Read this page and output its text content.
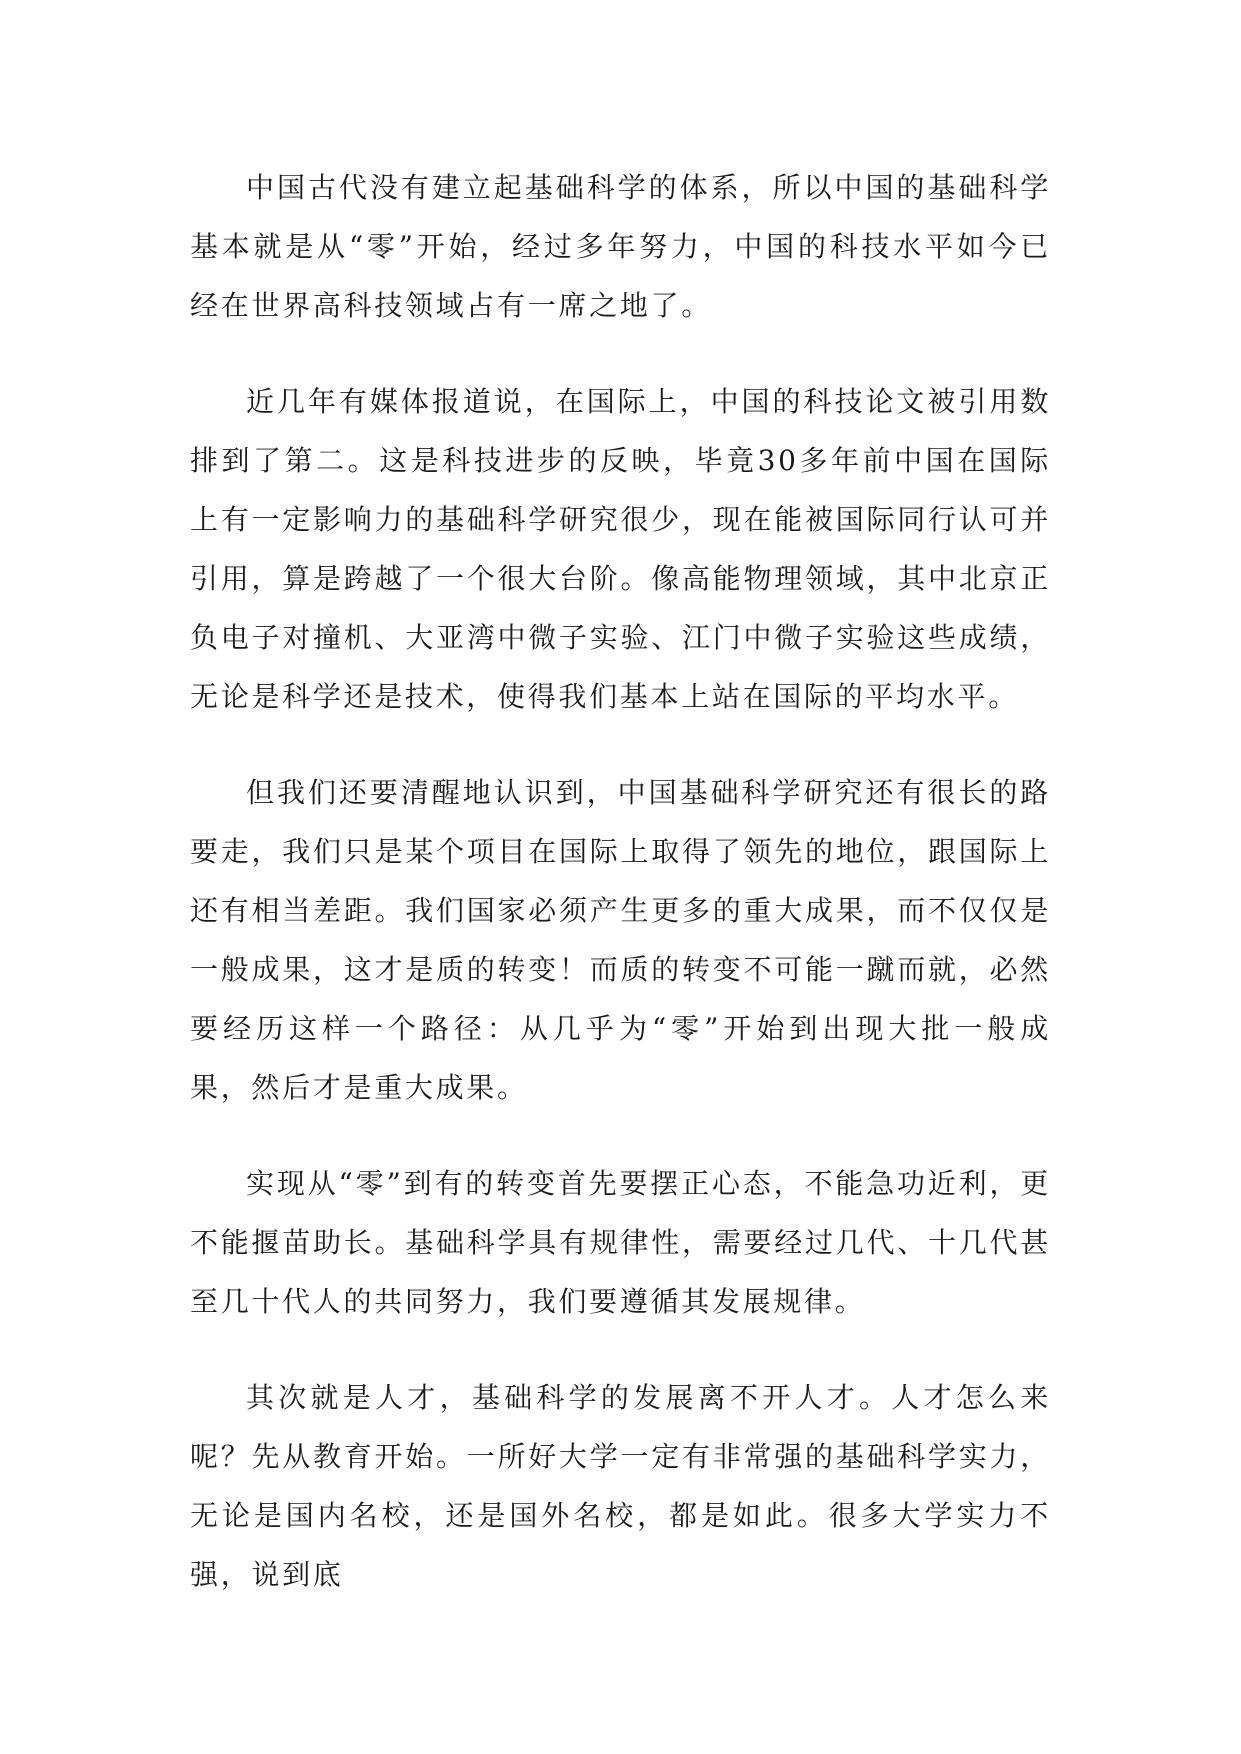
中国古代没有建立起基础科学的体系，所以中国的基础科学基本就是从“零”开始，经过多年努力，中国的科技水平如今已经在世界高科技领域占有一席之地了。

近几年有媒体报道说，在国际上，中国的科技论文被引用数排到了第二。这是科技进步的反映，毕竟30多年前中国在国际上有一定影响力的基础科学研究很少，现在能被国际同行认可并引用，算是跨越了一个很大台阶。像高能物理领域，其中北京正负电子对撞机、大亚湾中微子实验、江门中微子实验这些成绩，无论是科学还是技术，使得我们基本上站在国际的平均水平。

但我们还要清醒地认识到，中国基础科学研究还有很长的路要走，我们只是某个项目在国际上取得了领先的地位，跟国际上还有相当差距。我们国家必须产生更多的重大成果，而不仅仅是一般成果，这才是质的转变！而质的转变不可能一蹴而就，必然要经历这样一个路径：从几乎为“零”开始到出现大批一般成果，然后才是重大成果。

实现从“零”到有的转变首先要摆正心态，不能急功近利，更不能揠苗助长。基础科学具有规律性，需要经过几代、十几代甚至几十代人的共同努力，我们要遵循其发展规律。

其次就是人才，基础科学的发展离不开人才。人才怎么来呢？先从教育开始。一所好大学一定有非常强的基础科学实力，无论是国内名校，还是国外名校，都是如此。很多大学实力不强，说到底
